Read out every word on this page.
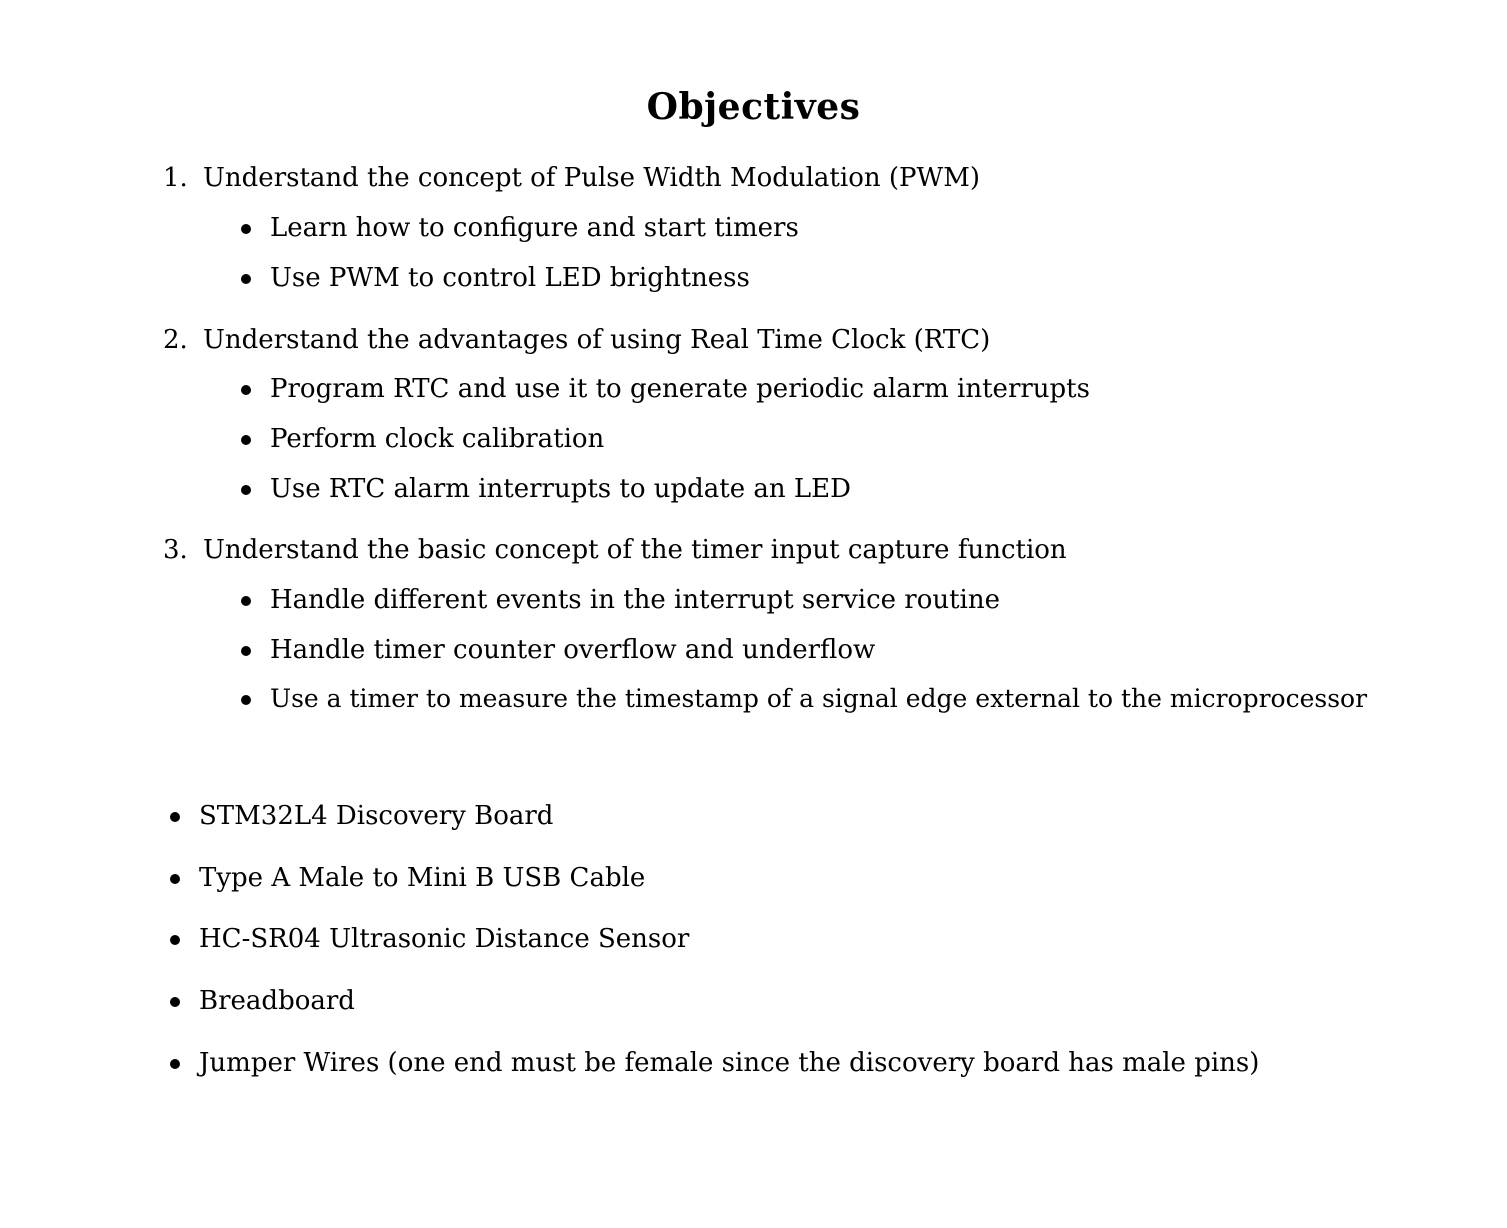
Objectives
1. Understand the concept of Pulse Width Modulation (PWM)
Learn how to configure and start timers
Use PWM to control LED brightness
2. Understand the advantages of using Real Time Clock (RTC)
Program RTC and use it to generate periodic alarm interrupts
Perform clock calibration
Use RTC alarm interrupts to update an LED
3. Understand the basic concept of the timer input capture function
Handle different events in the interrupt service routine
Handle timer counter overflow and underflow
Use a timer to measure the timestamp of a signal edge external to the microprocessor
STM32L4 Discovery Board
Type A Male to Mini B USB Cable
HC-SR04 Ultrasonic Distance Sensor
Breadboard
Jumper Wires (one end must be female since the discovery board has male pins)
